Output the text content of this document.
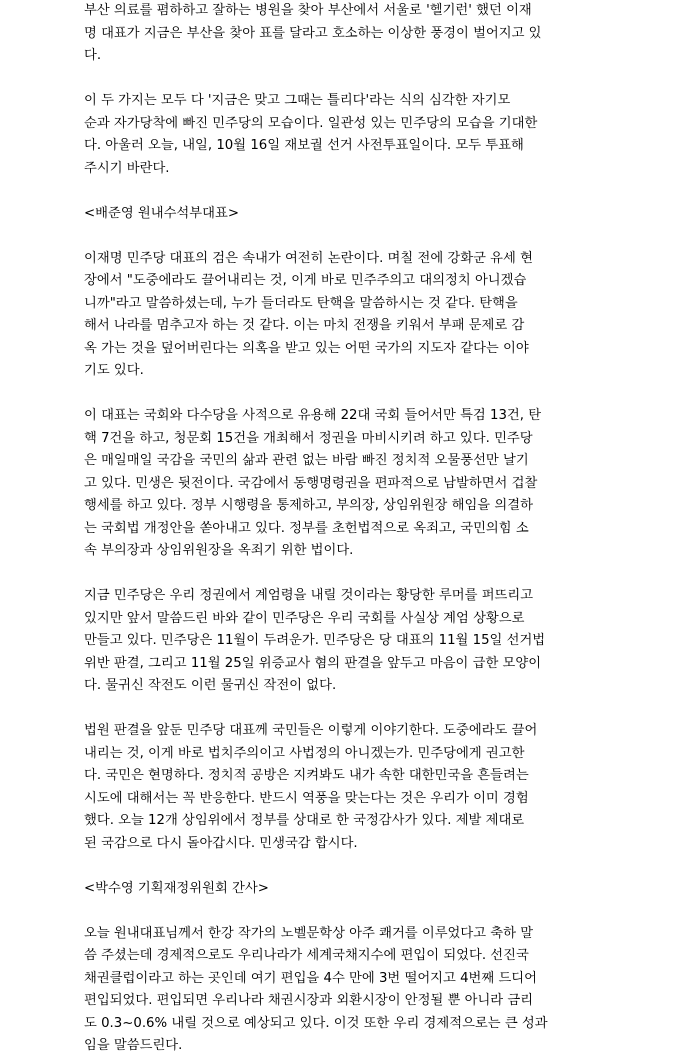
부산 의료를 폄하하고 잘하는 병원을 찾아 부산에서 서울로 '헬기런' 했던 이재
명 대표가 지금은 부산을 찾아 표를 달라고 호소하는 이상한 풍경이 벌어지고 있
다.

이 두 가지는 모두 다 '지금은 맞고 그때는 틀리다'라는 식의 심각한 자기모
순과 자가당착에 빠진 민주당의 모습이다. 일관성 있는 민주당의 모습을 기대한
다. 아울러 오늘, 내일, 10월 16일 재보궐 선거 사전투표일이다. 모두 투표해
주시기 바란다.

<배준영 원내수석부대표>

이재명 민주당 대표의 검은 속내가 여전히 논란이다. 며칠 전에 강화군 유세 현
장에서 "도중에라도 끌어내리는 것, 이게 바로 민주주의고 대의정치 아니겠습
니까"라고 말씀하셨는데, 누가 들더라도 탄핵을 말씀하시는 것 같다. 탄핵을
해서 나라를 멈추고자 하는 것 같다. 이는 마치 전쟁을 키워서 부패 문제로 감
옥 가는 것을 덮어버린다는 의혹을 받고 있는 어떤 국가의 지도자 같다는 이야
기도 있다.

이 대표는 국회와 다수당을 사적으로 유용해 22대 국회 들어서만 특검 13건, 탄
핵 7건을 하고, 청문회 15건을 개최해서 정권을 마비시키려 하고 있다. 민주당
은 매일매일 국감을 국민의 삶과 관련 없는 바람 빠진 정치적 오물풍선만 날기
고 있다. 민생은 뒷전이다. 국감에서 동행명령권을 편파적으로 남발하면서 겁찰
행세를 하고 있다. 정부 시행령을 통제하고, 부의장, 상임위원장 해임을 의결하
는 국회법 개정안을 쏟아내고 있다. 정부를 초헌법적으로 옥죄고, 국민의힘 소
속 부의장과 상임위원장을 옥죄기 위한 법이다.

지금 민주당은 우리 정권에서 계엄령을 내릴 것이라는 황당한 루머를 퍼뜨리고
있지만 앞서 말씀드린 바와 같이 민주당은 우리 국회를 사실상 계엄 상황으로
만들고 있다. 민주당은 11월이 두려운가. 민주당은 당 대표의 11월 15일 선거법
위반 판결, 그리고 11월 25일 위증교사 혐의 판결을 앞두고 마음이 급한 모양이
다. 물귀신 작전도 이런 물귀신 작전이 없다.

법원 판결을 앞둔 민주당 대표께 국민들은 이렇게 이야기한다. 도중에라도 끌어
내리는 것, 이게 바로 법치주의이고 사법정의 아니겠는가. 민주당에게 권고한
다. 국민은 현명하다. 정치적 공방은 지켜봐도 내가 속한 대한민국을 흔들려는
시도에 대해서는 꼭 반응한다. 반드시 역풍을 맞는다는 것은 우리가 이미 경험
했다. 오늘 12개 상임위에서 정부를 상대로 한 국정감사가 있다. 제발 제대로
된 국감으로 다시 돌아갑시다. 민생국감 합시다.

<박수영 기획재정위원회 간사>

오늘 원내대표님께서 한강 작가의 노벨문학상 아주 쾌거를 이루었다고 축하 말
씀 주셨는데 경제적으로도 우리나라가 세계국채지수에 편입이 되었다. 선진국
채권클럽이라고 하는 곳인데 여기 편입을 4수 만에 3번 떨어지고 4번째 드디어
편입되었다. 편입되면 우리나라 채권시장과 외환시장이 안정될 뿐 아니라 금리
도 0.3~0.6% 내릴 것으로 예상되고 있다. 이것 또한 우리 경제적으로는 큰 성과
임을 말씀드린다.
